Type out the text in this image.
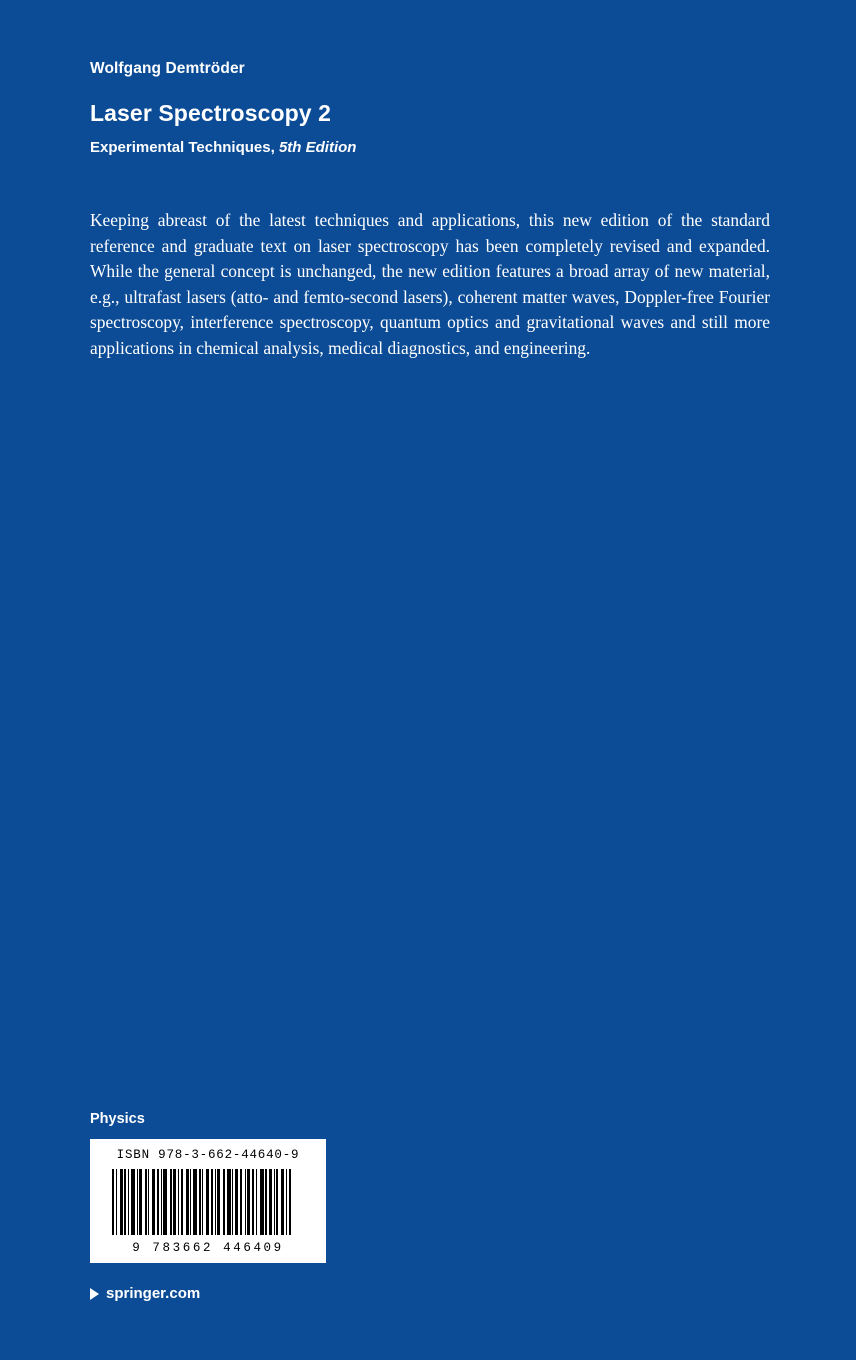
Wolfgang Demtröder

Laser Spectroscopy 2

Experimental Techniques, 5th Edition

Keeping abreast of the latest techniques and applications, this new edition of the standard reference and graduate text on laser spectroscopy has been completely revised and expanded. While the general concept is unchanged, the new edition features a broad array of new material, e.g., ultrafast lasers (atto- and femto-second lasers), coherent matter waves, Doppler-free Fourier spectroscopy, interference spectroscopy, quantum optics and gravitational waves and still more applications in chemical analysis, medical diagnostics, and engineering.

Physics

ISBN 978-3-662-44640-9
9 783662 446409
springer.com
